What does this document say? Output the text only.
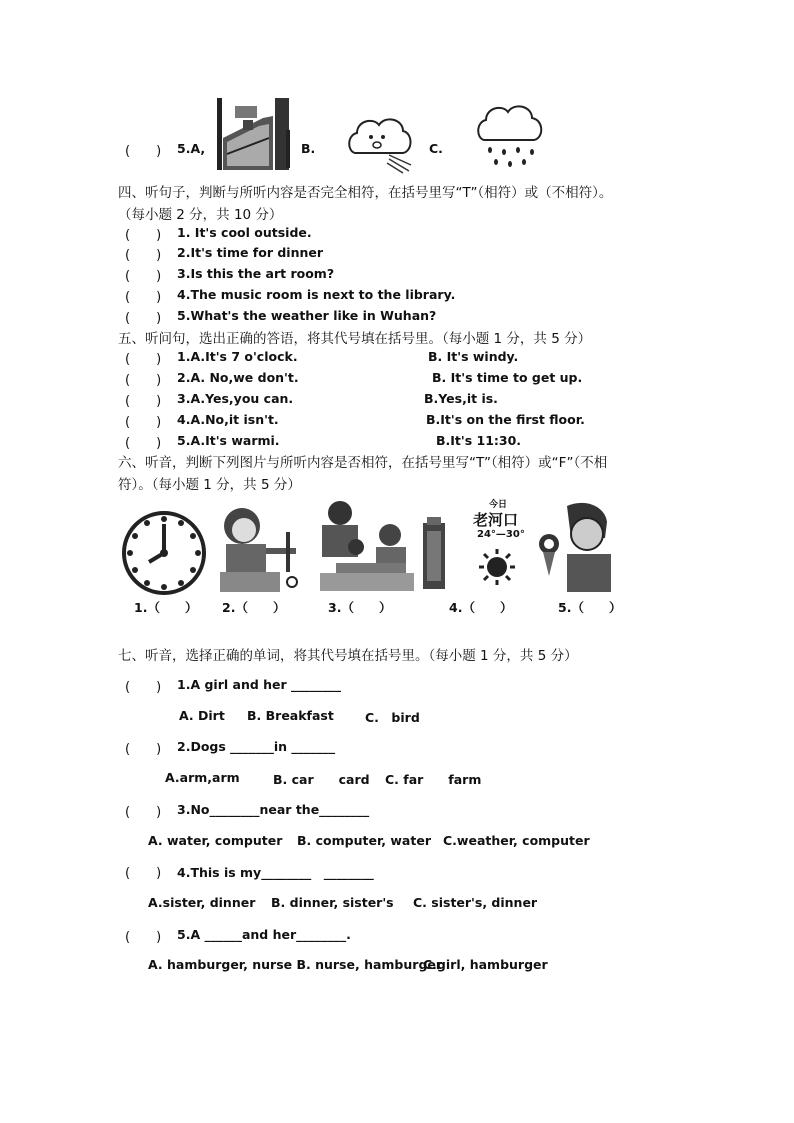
(　　) 5.A,	B.	C.
四、听句子，判断与所听内容是否完全相符，在括号里写“T”（相符）或（不相符）。
（每小题 2 分，共 10 分）
(　　) 1. It's cool outside.
(　　) 2.It's time for dinner
(　　) 3.Is this the art room?
(　　) 4.The music room is next to the library.
(　　) 5.What's the weather like in Wuhan?
五、听问句，选出正确的答语，将其代号填在括号里。（每小题 1 分，共 5 分）
(　　) 1.A.It's 7 o'clock.	B. It's windy.
(　　) 2.A. No,we don't.	B. It's time to get up.
(　　) 3.A.Yes,you can.	B.Yes,it is.
(　　) 4.A.No,it isn't.	B.It's on the first floor.
(　　) 5.A.It's warmi.	B.It's 11:30.
六、听音，判断下列图片与所听内容是否相符，在括号里写“T”（相符）或“F”（不相
符）。（每小题 1 分，共 5 分）
今日
老河口
24°—30°
1.（　　） 2.（　　）	3.（　　）	4.（　　）	5.（　　）
七、听音，选择正确的单词，将其代号填在括号里。（每小题 1 分，共 5 分）
(　　) 1.A girl and her ________
A. Dirt B. Breakfast C.　bird
(　　) 2.Dogs _______in _______
A.arm,arm	B. car　　card C. far　　farm
(　　) 3.No________near the________
A. water, computer B. computer, water C.weather, computer
(　　) 4.This is my________　________
A.sister, dinner B. dinner, sister's C. sister's, dinner
(　　) 5.A ______and her________.
A. hamburger, nurse B. nurse, hamburger
C.girl, hamburger
